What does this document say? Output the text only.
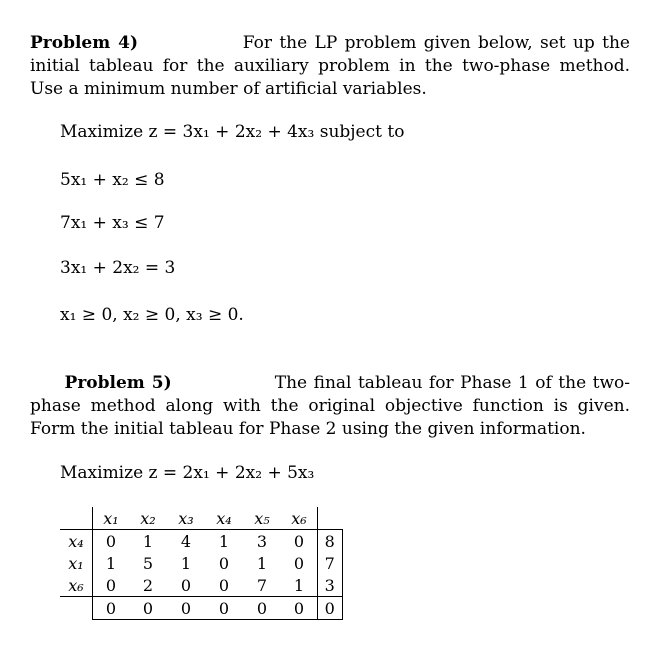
Problem 4)	For the LP problem given below, set up the initial tableau for the auxiliary problem in the two-phase method. Use a minimum number of artificial variables.
Maximize z = 3x₁ + 2x₂ + 4x₃ subject to
5x₁ + x₂ ≤ 8
7x₁ + x₃ ≤ 7
3x₁ + 2x₂ = 3
x₁ ≥ 0, x₂ ≥ 0, x₃ ≥ 0.
Problem 5)	The final tableau for Phase 1 of the two-phase method along with the original objective function is given. Form the initial tableau for Phase 2 using the given information.
Maximize z = 2x₁ + 2x₂ + 5x₃
	x₁	x₂	x₃	x₄	x₅	x₆	
x₄	0	1	4	1	3	0	8
x₁	1	5	1	0	1	0	7
x₆	0	2	0	0	7	1	3
	0	0	0	0	0	0	0
